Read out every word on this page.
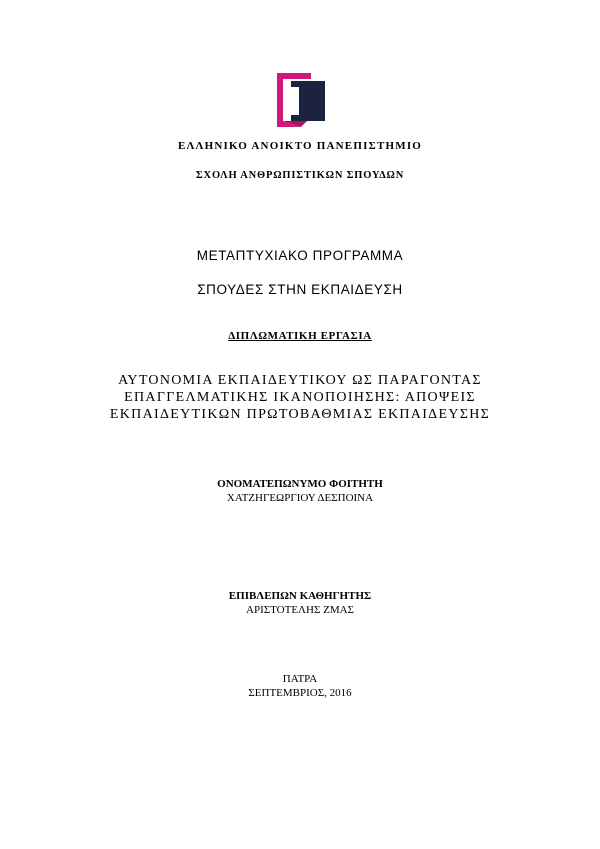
ΕΛΛΗΝΙΚΟ ΑΝΟΙΚΤΟ ΠΑΝΕΠΙΣΤΗΜΙΟ
ΣΧΟΛΗ ΑΝΘΡΩΠΙΣΤΙΚΩΝ ΣΠΟΥΔΩΝ
ΜΕΤΑΠΤΥΧΙΑΚΟ ΠΡΟΓΡΑΜΜΑ
ΣΠΟΥΔΕΣ ΣΤΗΝ ΕΚΠΑΙΔΕΥΣΗ
ΔΙΠΛΩΜΑΤΙΚΗ ΕΡΓΑΣΙΑ
ΑΥΤΟΝΟΜΙΑ ΕΚΠΑΙΔΕΥΤΙΚΟΥ ΩΣ ΠΑΡΑΓΟΝΤΑΣ
ΕΠΑΓΓΕΛΜΑΤΙΚΗΣ ΙΚΑΝΟΠΟΙΗΣΗΣ: ΑΠΟΨΕΙΣ
ΕΚΠΑΙΔΕΥΤΙΚΩΝ ΠΡΩΤΟΒΑΘΜΙΑΣ ΕΚΠΑΙΔΕΥΣΗΣ
ΟΝΟΜΑΤΕΠΩΝΥΜΟ ΦΟΙΤΗΤΗ
ΧΑΤΖΗΓΕΩΡΓΙΟΥ ΔΕΣΠΟΙΝΑ
ΕΠΙΒΛΕΠΩΝ ΚΑΘΗΓΗΤΗΣ
ΑΡΙΣΤΟΤΕΛΗΣ ΖΜΑΣ
ΠΑΤΡΑ
ΣΕΠΤΕΜΒΡΙΟΣ, 2016
